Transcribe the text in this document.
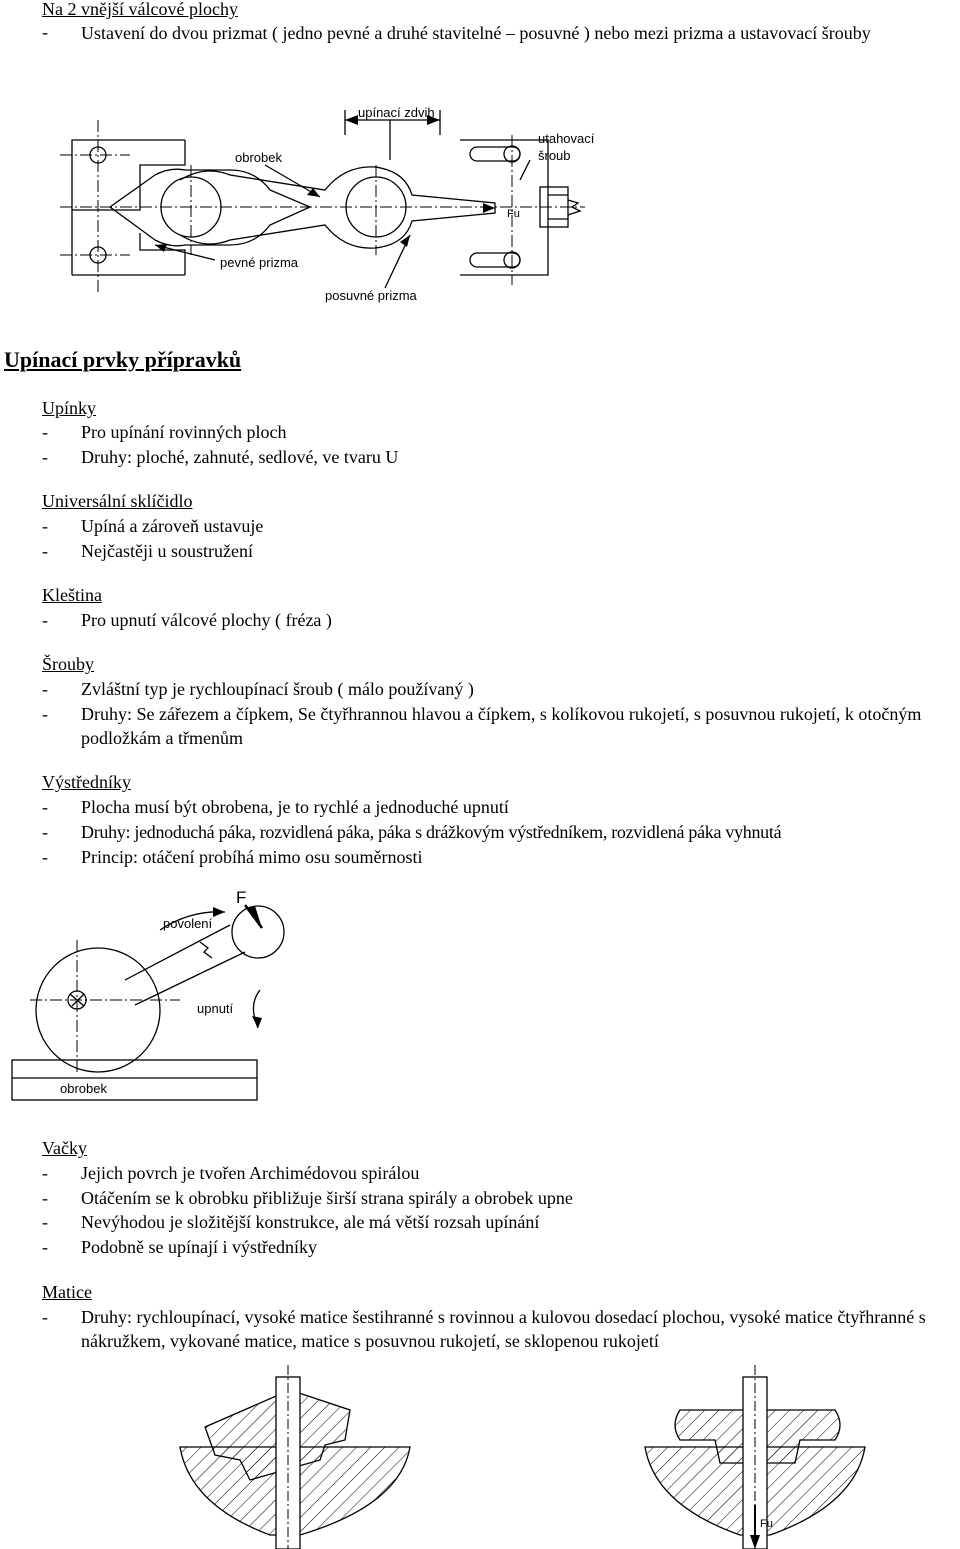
Na 2 vnější válcové plochy
- Ustavení do dvou prizmat ( jedno pevné a druhé stavitelné – posuvné ) nebo mezi prizma a ustavovací šrouby
upínací zdvih
obrobek
utahovací
šroub
pevné prizma
posuvné prizma
Fu
Upínací prvky přípravků
Upínky
- Pro upínání rovinných ploch
- Druhy: ploché, zahnuté, sedlové, ve tvaru U
Universální sklíčidlo
- Upíná a zároveň ustavuje
- Nejčastěji u soustružení
Kleština
- Pro upnutí válcové plochy ( fréza )
Šrouby
- Zvláštní typ je rychloupínací šroub ( málo používaný )
- Druhy: Se zářezem a čípkem, Se čtyřhrannou hlavou a čípkem, s kolíkovou rukojetí, s posuvnou rukojetí, k otočným podložkám a třmenům
Výstředníky
- Plocha musí být obrobena, je to rychlé a jednoduché upnutí
- Druhy: jednoduchá páka, rozvidlená páka, páka s drážkovým výstředníkem, rozvidlená páka vyhnutá
- Princip: otáčení probíhá mimo osu souměrnosti
F
povolení
upnutí
obrobek
Vačky
- Jejich povrch je tvořen Archimédovou spirálou
- Otáčením se k obrobku přibližuje širší strana spirály a obrobek upne
- Nevýhodou je složitější konstrukce, ale má větší rozsah upínání
- Podobně se upínají i výstředníky
Matice
- Druhy: rychloupínací, vysoké matice šestihranné s rovinnou a kulovou dosedací plochou, vysoké matice čtyřhranné s nákružkem, vykované matice, matice s posuvnou rukojetí, se sklopenou rukojetí
Fu
